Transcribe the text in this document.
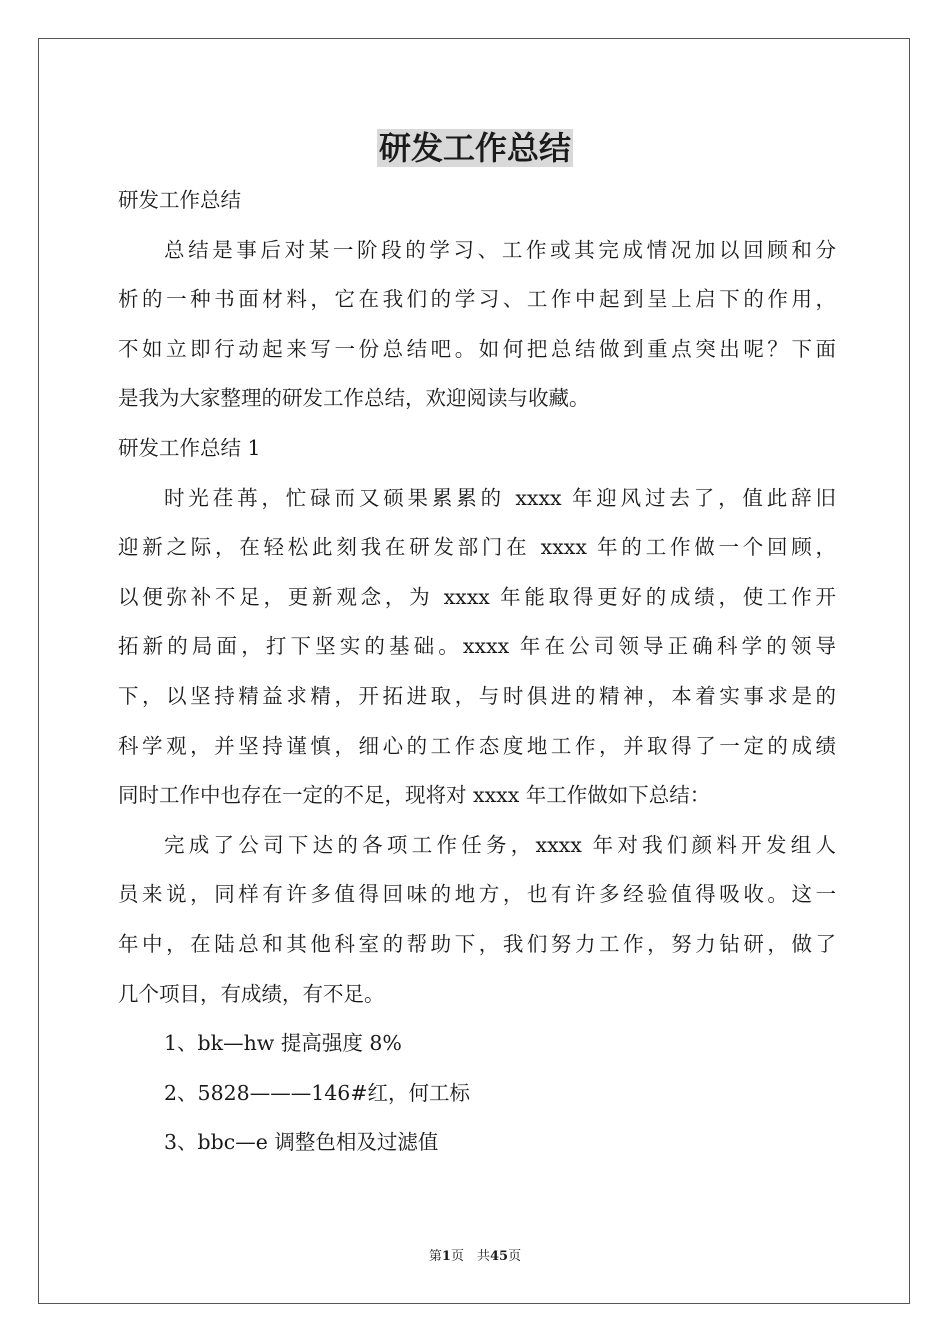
研发工作总结

研发工作总结

总结是事后对某一阶段的学习、工作或其完成情况加以回顾和分

析的一种书面材料，它在我们的学习、工作中起到呈上启下的作用，

不如立即行动起来写一份总结吧。如何把总结做到重点突出呢？下面

是我为大家整理的研发工作总结，欢迎阅读与收藏。

研发工作总结 1

时光荏苒，忙碌而又硕果累累的 xxxx 年迎风过去了，值此辞旧

迎新之际，在轻松此刻我在研发部门在 xxxx 年的工作做一个回顾，

以便弥补不足，更新观念，为 xxxx 年能取得更好的成绩，使工作开

拓新的局面，打下坚实的基础。xxxx 年在公司领导正确科学的领导

下，以坚持精益求精，开拓进取，与时俱进的精神，本着实事求是的

科学观，并坚持谨慎，细心的工作态度地工作，并取得了一定的成绩

同时工作中也存在一定的不足，现将对 xxxx 年工作做如下总结：

完成了公司下达的各项工作任务，xxxx 年对我们颜料开发组人

员来说，同样有许多值得回味的地方，也有许多经验值得吸收。这一

年中，在陆总和其他科室的帮助下，我们努力工作，努力钻研，做了

几个项目，有成绩，有不足。

1、bk—hw 提高强度 8%

2、5828———146#红，何工标

3、bbc—e 调整色相及过滤值

第1页　共45页
